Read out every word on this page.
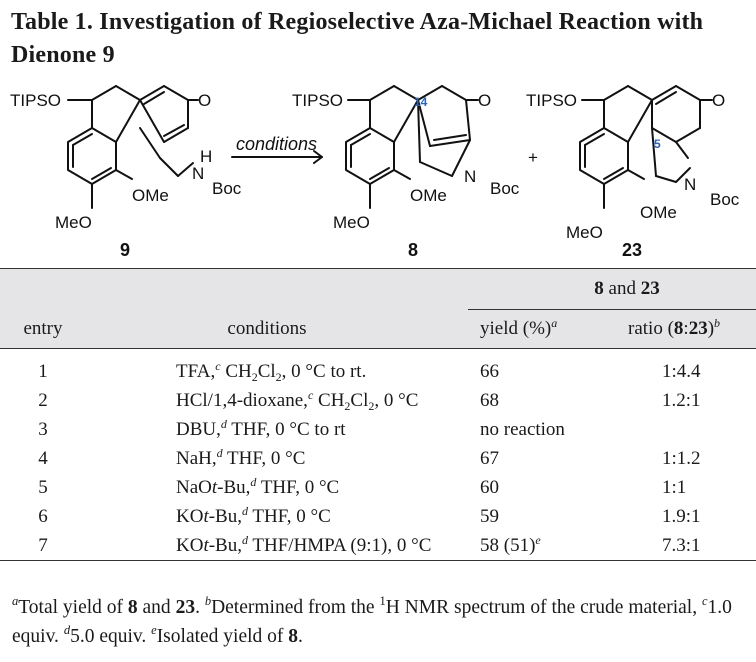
Table 1. Investigation of Regioselective Aza-Michael Reaction with Dienone 9
TIPSO	O
H
N
Boc
OMe
MeO
TIPSO	O
N
Boc
OMe
MeO
TIPSO	O
N
Boc
OMe
MeO
+
conditions
14
5
9	8	23
		8 and 23	
entry	conditions	yield (%)$^a$	ratio (8:23)$^b$

1	TFA,$^c$ $CH_2Cl_2$, 0 °C to rt.	66	1:4.4
2	HCl/1,4-dioxane,$^c$ $CH_2Cl_2$, 0 °C	68	1.2:1
3	DBU,$^d$ THF, 0 °C to rt	no reaction	
4	NaH,$^d$ THF, 0 °C	67	1:1.2
5	NaOt-Bu,$^d$ THF, 0 °C	60	1:1
6	KOt-Bu,$^d$ THF, 0 °C	59	1.9:1
7	KOt-Bu,$^d$ THF/HMPA (9:1), 0 °C	58 $(51)^e$	7.3:1
$^a$Total yield of 8 and 23. $^b$Determined from the $^1$H NMR spectrum of the crude material, $^c$1.0 equiv. $^d$5.0 equiv. $^e$Isolated yield of 8.
